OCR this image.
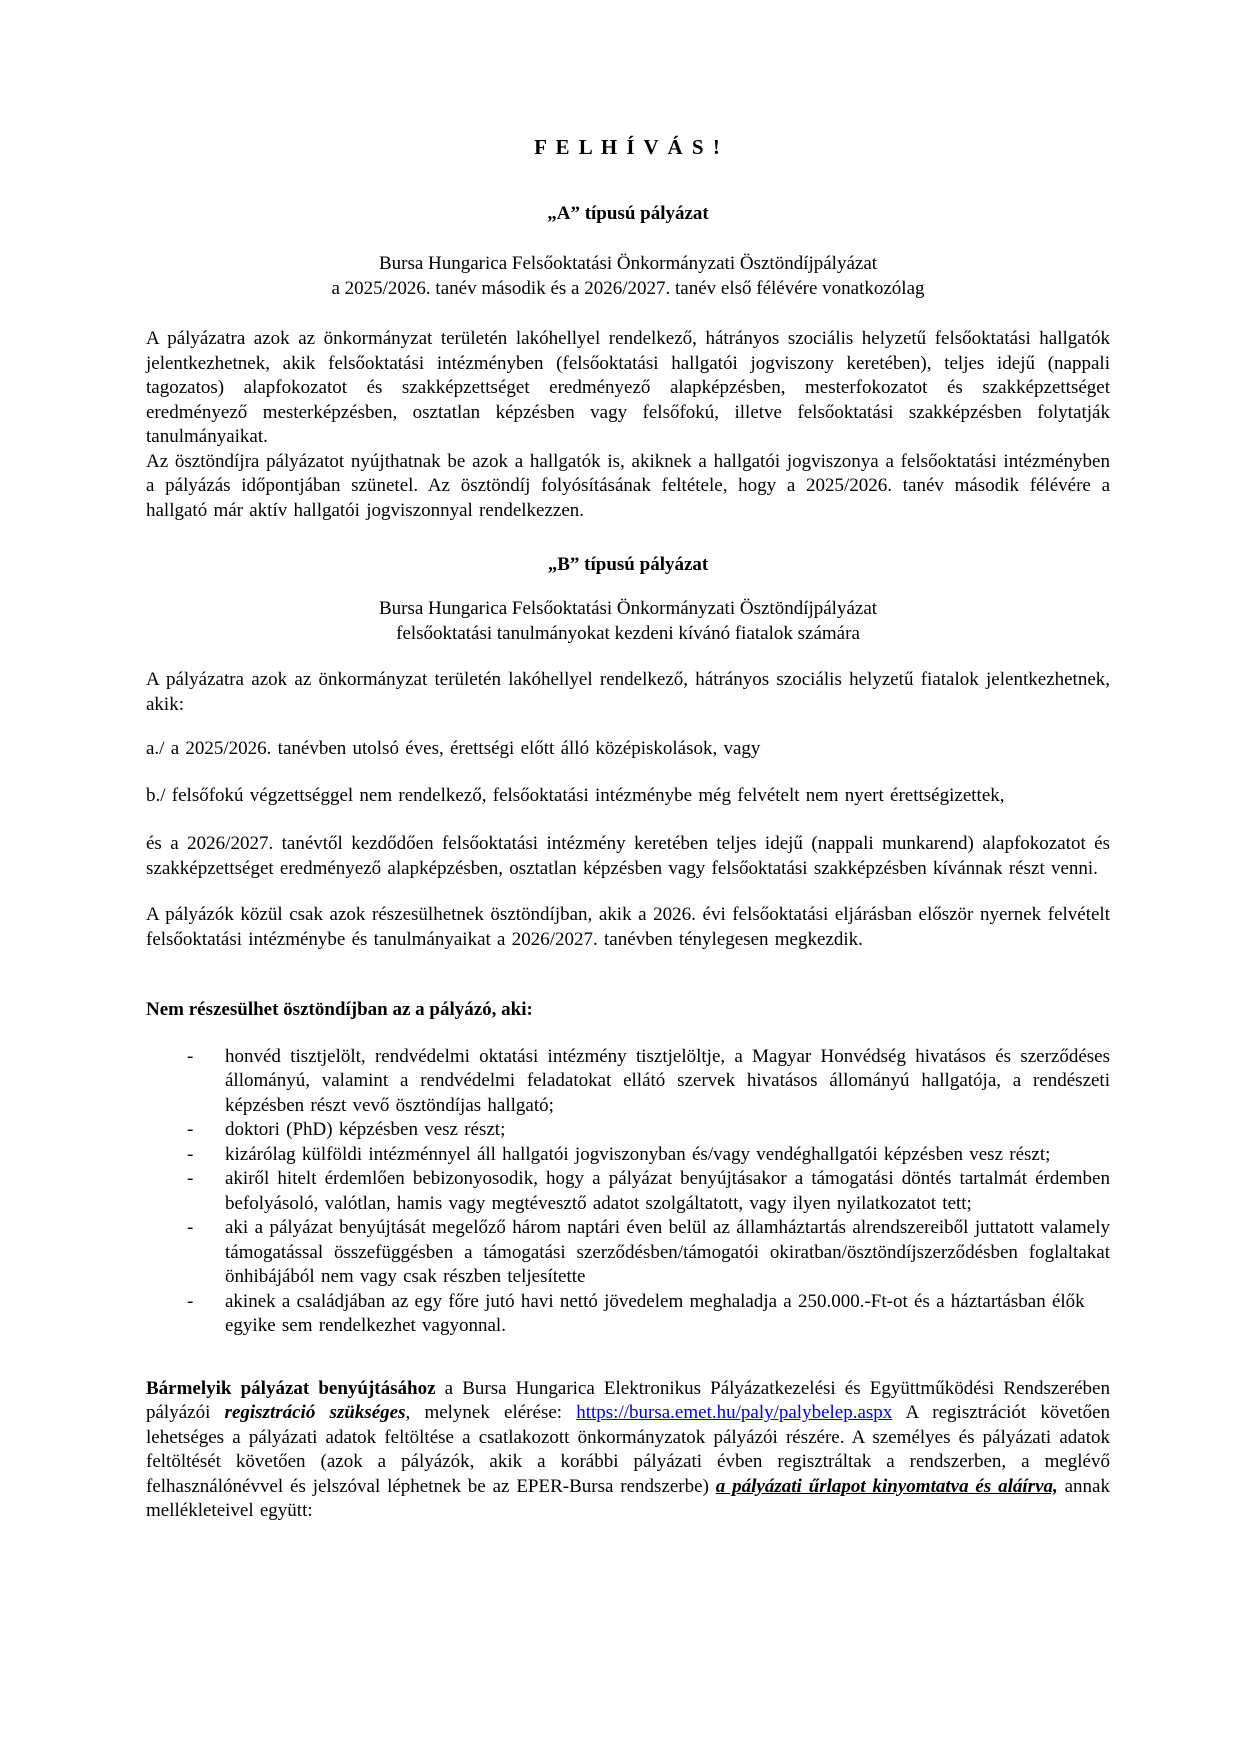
F E L H Í V Á S !
„A” típusú pályázat
Bursa Hungarica Felsőoktatási Önkormányzati Ösztöndíjpályázat
a 2025/2026. tanév második és a 2026/2027. tanév első félévére vonatkozólag

A pályázatra azok az önkormányzat területén lakóhellyel rendelkező, hátrányos szociális helyzetű felsőoktatási hallgatók jelentkezhetnek, akik felsőoktatási intézményben (felsőoktatási hallgatói jogviszony keretében), teljes idejű (nappali tagozatos) alapfokozatot és szakképzettséget eredményező alapképzésben, mesterfokozatot és szakképzettséget eredményező mesterképzésben, osztatlan képzésben vagy felsőfokú, illetve felsőoktatási szakképzésben folytatják tanulmányaikat.

Az ösztöndíjra pályázatot nyújthatnak be azok a hallgatók is, akiknek a hallgatói jogviszonya a felsőoktatási intézményben a pályázás időpontjában szünetel. Az ösztöndíj folyósításának feltétele, hogy a 2025/2026. tanév második félévére a hallgató már aktív hallgatói jogviszonnyal rendelkezzen.

„B” típusú pályázat
Bursa Hungarica Felsőoktatási Önkormányzati Ösztöndíjpályázat
felsőoktatási tanulmányokat kezdeni kívánó fiatalok számára

A pályázatra azok az önkormányzat területén lakóhellyel rendelkező, hátrányos szociális helyzetű fiatalok jelentkezhetnek, akik:

a./ a 2025/2026. tanévben utolsó éves, érettségi előtt álló középiskolások, vagy

b./ felsőfokú végzettséggel nem rendelkező, felsőoktatási intézménybe még felvételt nem nyert érettségizettek,

és a 2026/2027. tanévtől kezdődően felsőoktatási intézmény keretében teljes idejű (nappali munkarend) alapfokozatot és szakképzettséget eredményező alapképzésben, osztatlan képzésben vagy felsőoktatási szakképzésben kívánnak részt venni.

A pályázók közül csak azok részesülhetnek ösztöndíjban, akik a 2026. évi felsőoktatási eljárásban először nyernek felvételt felsőoktatási intézménybe és tanulmányaikat a 2026/2027. tanévben ténylegesen megkezdik.

Nem részesülhet ösztöndíjban az a pályázó, aki:
-	honvéd tisztjelölt, rendvédelmi oktatási intézmény tisztjelöltje, a Magyar Honvédség hivatásos és szerződéses állományú, valamint a rendvédelmi feladatokat ellátó szervek hivatásos állományú hallgatója, a rendészeti képzésben részt vevő ösztöndíjas hallgató;
-	doktori (PhD) képzésben vesz részt;
-	kizárólag külföldi intézménnyel áll hallgatói jogviszonyban és/vagy vendéghallgatói képzésben vesz részt;
-	akiről hitelt érdemlően bebizonyosodik, hogy a pályázat benyújtásakor a támogatási döntés tartalmát érdemben befolyásoló, valótlan, hamis vagy megtévesztő adatot szolgáltatott, vagy ilyen nyilatkozatot tett;
-	aki a pályázat benyújtását megelőző három naptári éven belül az államháztartás alrendszereiből juttatott valamely támogatással összefüggésben a támogatási szerződésben/támogatói okiratban/ösztöndíjszerződésben foglaltakat önhibájából nem vagy csak részben teljesítette
-	akinek a családjában az egy főre jutó havi nettó jövedelem meghaladja a 250.000.-Ft-ot és a háztartásban élők egyike sem rendelkezhet vagyonnal.

Bármelyik pályázat benyújtásához a Bursa Hungarica Elektronikus Pályázatkezelési és Együttműködési Rendszerében pályázói regisztráció szükséges, melynek elérése: https://bursa.emet.hu/paly/palybelep.aspx A regisztrációt követően lehetséges a pályázati adatok feltöltése a csatlakozott önkormányzatok pályázói részére. A személyes és pályázati adatok feltöltését követően (azok a pályázók, akik a korábbi pályázati évben regisztráltak a rendszerben, a meglévő felhasználónévvel és jelszóval léphetnek be az EPER-Bursa rendszerbe) a pályázati űrlapot kinyomtatva és aláírva, annak mellékleteivel együtt:
